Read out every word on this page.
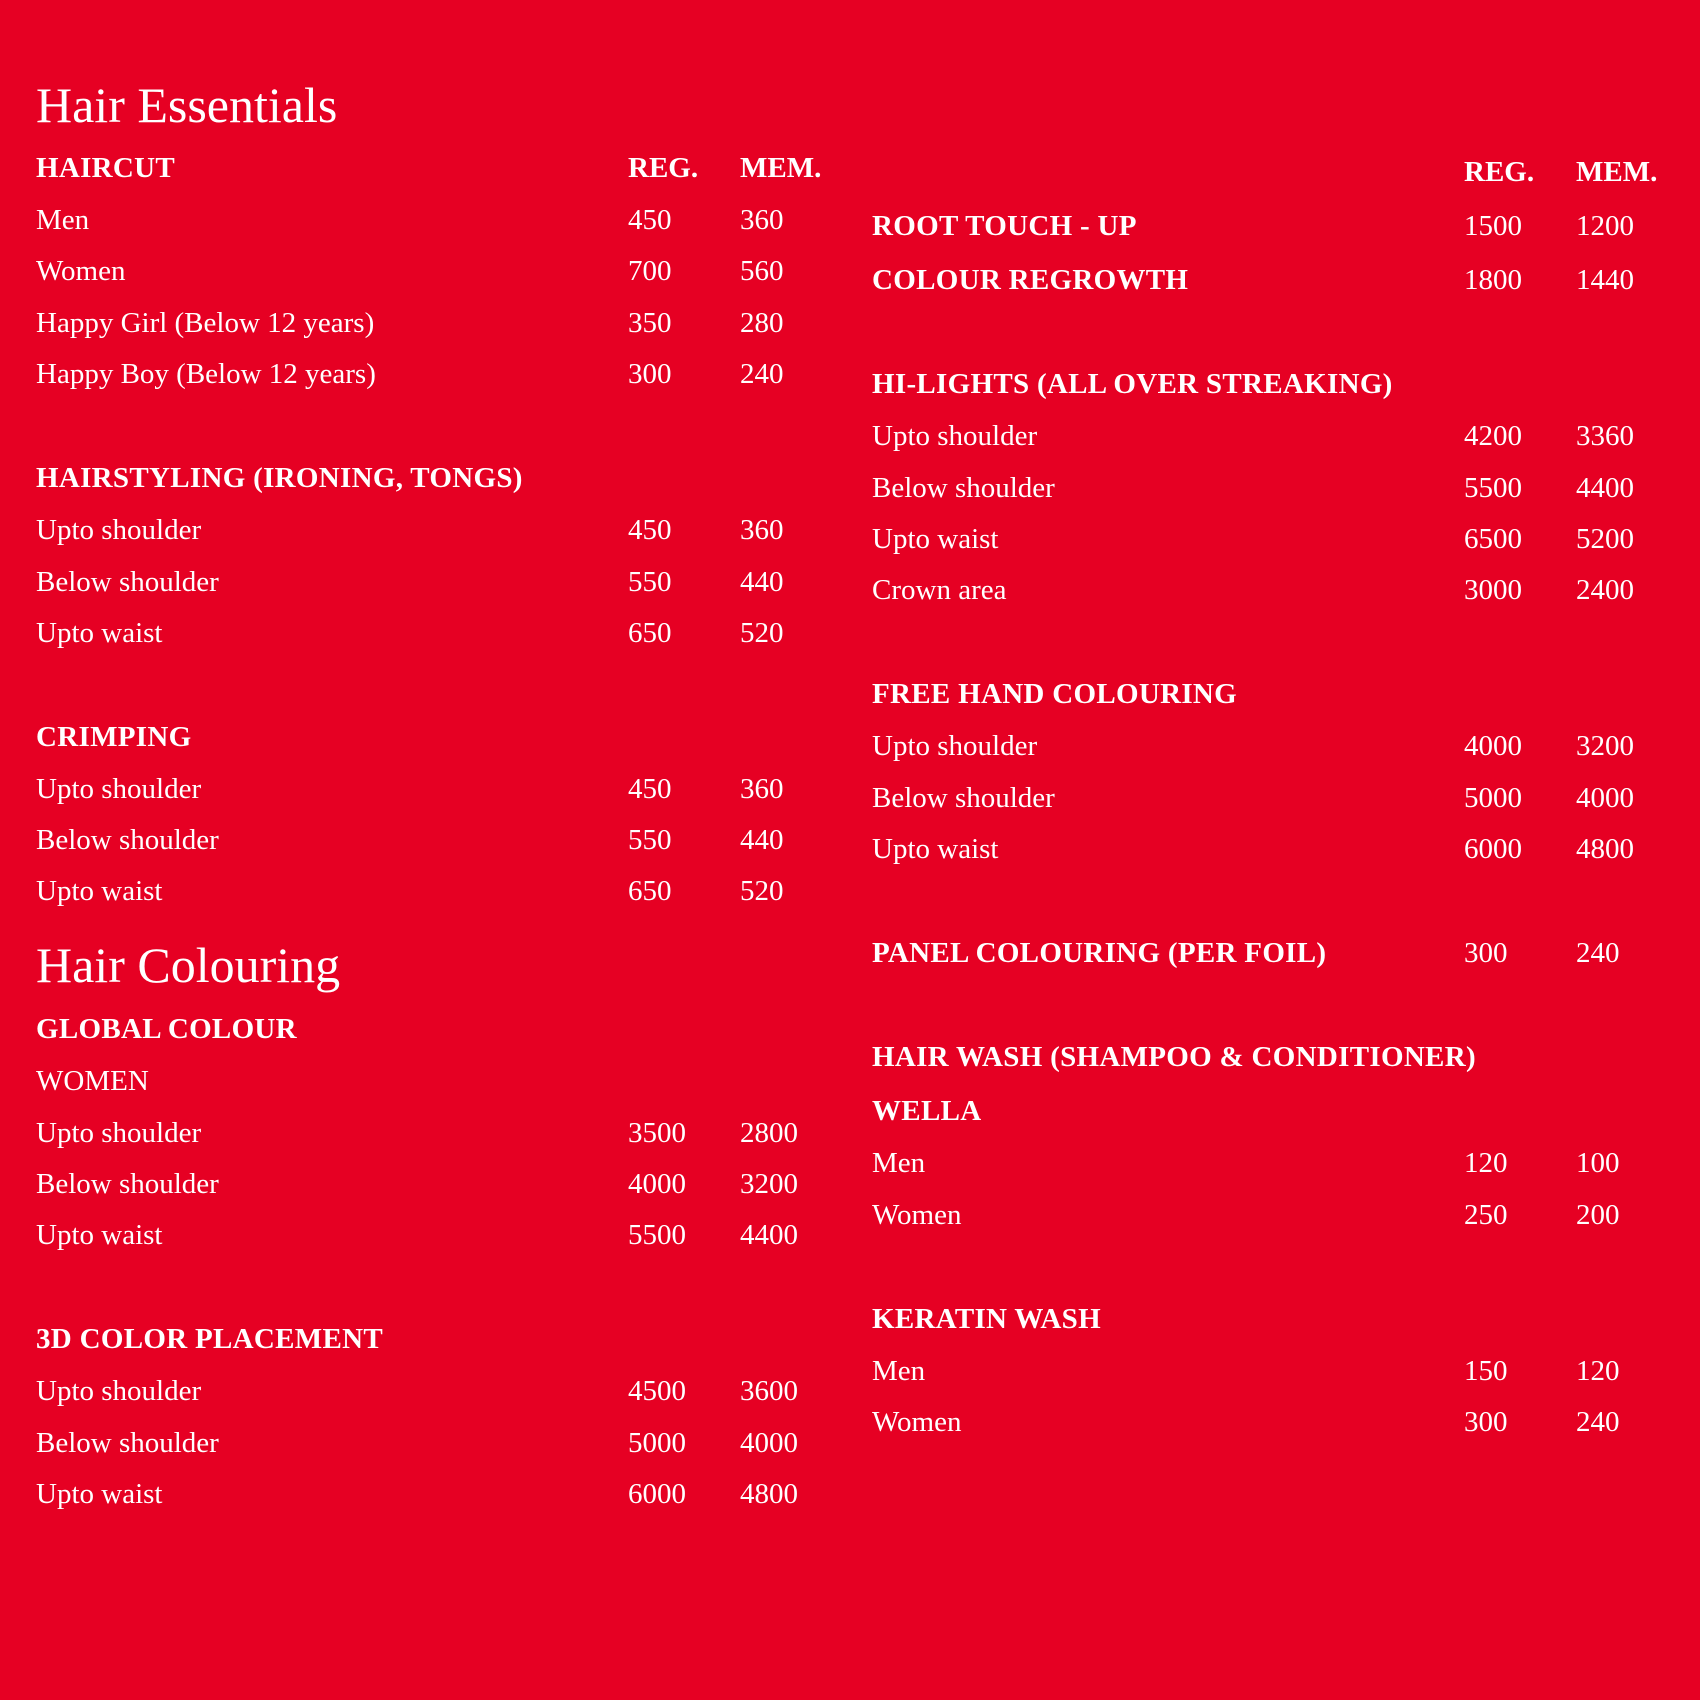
Hair Essentials
HAIRCUT	REG. MEM.
Men	450 360
Women	700 560
Happy Girl (Below 12 years)	350 280
Happy Boy (Below 12 years)	300 240
HAIRSTYLING (IRONING, TONGS)
Upto shoulder	450 360
Below shoulder	550 440
Upto waist	650 520
CRIMPING
Upto shoulder	450 360
Below shoulder	550 440
Upto waist	650 520
Hair Colouring
GLOBAL COLOUR
WOMEN
Upto shoulder	3500 2800
Below shoulder	4000 3200
Upto waist	5500 4400
3D COLOR PLACEMENT
Upto shoulder	4500 3600
Below shoulder	5000 4000
Upto waist	6000 4800
REG. MEM.
ROOT TOUCH - UP	1500 1200
COLOUR REGROWTH	1800 1440
HI-LIGHTS (ALL OVER STREAKING)
Upto shoulder	4200 3360
Below shoulder	5500 4400
Upto waist	6500 5200
Crown area	3000 2400
FREE HAND COLOURING
Upto shoulder	4000 3200
Below shoulder	5000 4000
Upto waist	6000 4800
PANEL COLOURING (PER FOIL)	300 240
HAIR WASH (SHAMPOO & CONDITIONER)
WELLA
Men	120 100
Women	250 200
KERATIN WASH
Men	150 120
Women	300 240
